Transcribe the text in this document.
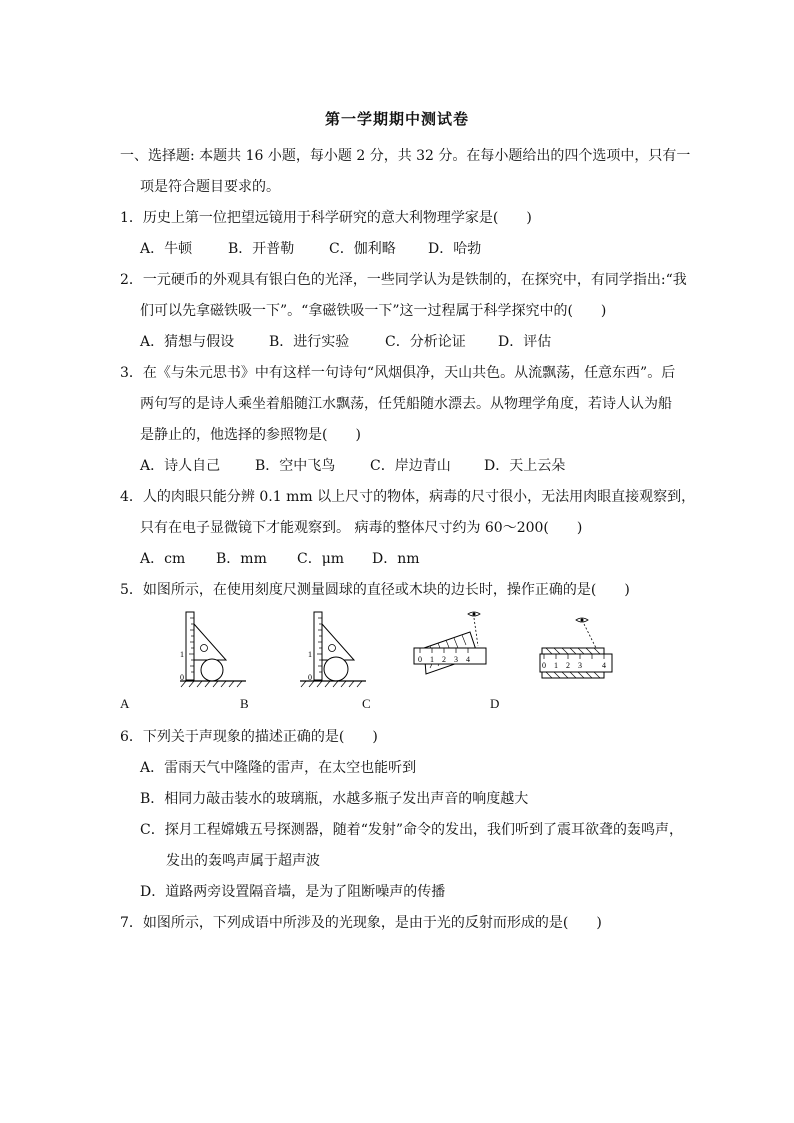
第一学期期中测试卷
一、选择题: 本题共 16 小题，每小题 2 分，共 32 分。在每小题给出的四个选项中，只有一
项是符合题目要求的。
1．历史上第一位把望远镜用于科学研究的意大利物理学家是(　　)
A．牛顿	B．开普勒 C．伽利略 D．哈勃
2．一元硬币的外观具有银白色的光泽，一些同学认为是铁制的，在探究中，有同学指出:“我
们可以先拿磁铁吸一下”。“拿磁铁吸一下”这一过程属于科学探究中的(　　)
A．猜想与假设 B．进行实验	C．分析论证 D．评估
3．在《与朱元思书》中有这样一句诗句“风烟俱净，天山共色。从流飘荡，任意东西”。后
两句写的是诗人乘坐着船随江水飘荡，任凭船随水漂去。从物理学角度，若诗人认为船
是静止的，他选择的参照物是(　　)
A．诗人自己 B．空中飞鸟 C．岸边青山 D．天上云朵
4．人的肉眼只能分辨 0.1 mm 以上尺寸的物体，病毒的尺寸很小，无法用肉眼直接观察到，
只有在电子显微镜下才能观察到。 病毒的整体尺寸约为 60～200(　　)
A．cm B．mm C．μm D．nm
5．如图所示，在使用刻度尺测量圆球的直径或木块的边长时，操作正确的是(　　)
1
0
1
0
0 1 2 3 4
0 1 2 3	4
A	B	C	D
6．下列关于声现象的描述正确的是(　　)
A．雷雨天气中隆隆的雷声，在太空也能听到
B．相同力敲击装水的玻璃瓶，水越多瓶子发出声音的响度越大
C．探月工程嫦娥五号探测器，随着“发射”命令的发出，我们听到了震耳欲聋的轰鸣声，
发出的轰鸣声属于超声波
D．道路两旁设置隔音墙，是为了阻断噪声的传播
7．如图所示，下列成语中所涉及的光现象，是由于光的反射而形成的是(　　)
